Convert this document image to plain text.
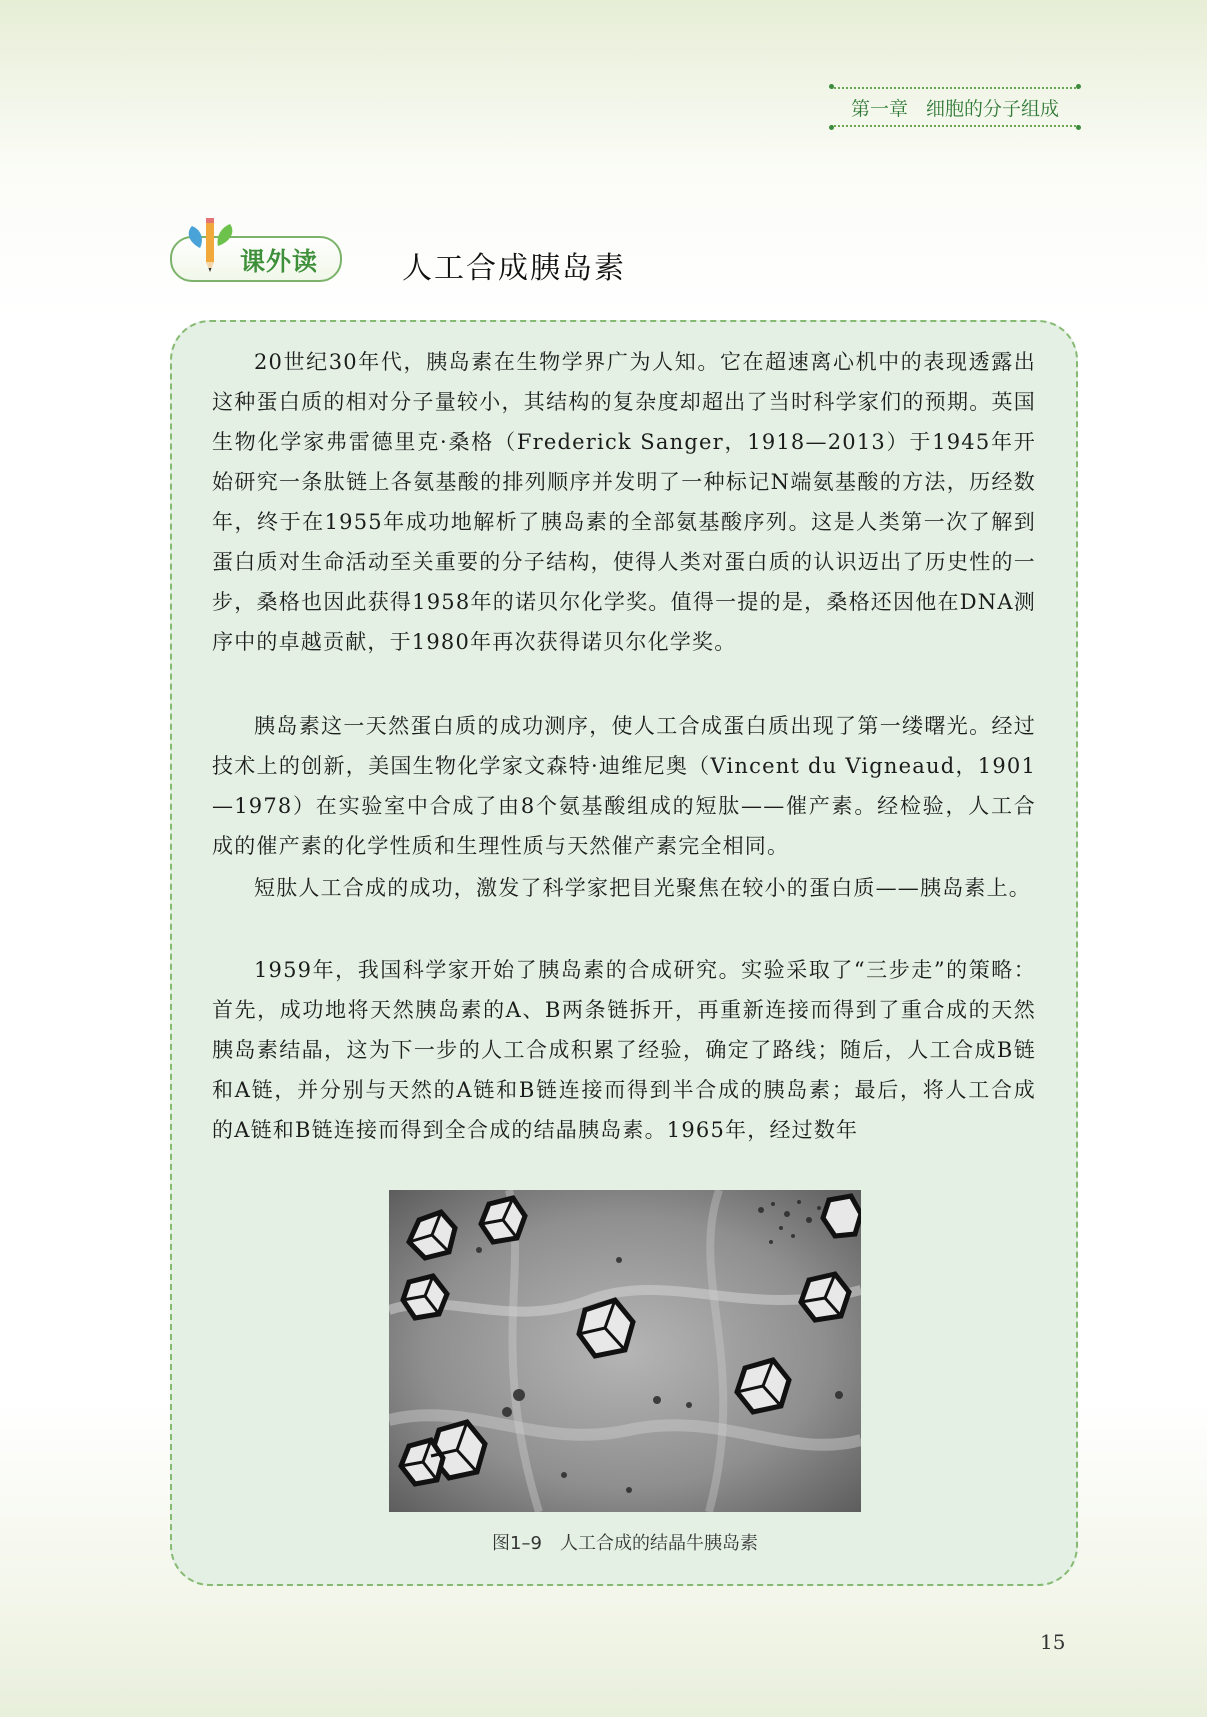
第一章 细胞的分子组成
课外读	人工合成胰岛素

20世纪30年代，胰岛素在生物学界广为人知。它在超速离心机中的表现透露出这种蛋白质的相对分子量较小，其结构的复杂度却超出了当时科学家们的预期。英国生物化学家弗雷德里克·桑格（Frederick Sanger，1918—2013）于1945年开始研究一条肽链上各氨基酸的排列顺序并发明了一种标记N端氨基酸的方法，历经数年，终于在1955年成功地解析了胰岛素的全部氨基酸序列。这是人类第一次了解到蛋白质对生命活动至关重要的分子结构，使得人类对蛋白质的认识迈出了历史性的一步，桑格也因此获得1958年的诺贝尔化学奖。值得一提的是，桑格还因他在DNA测序中的卓越贡献，于1980年再次获得诺贝尔化学奖。

胰岛素这一天然蛋白质的成功测序，使人工合成蛋白质出现了第一缕曙光。经过技术上的创新，美国生物化学家文森特·迪维尼奥（Vincent du Vigneaud，1901—1978）在实验室中合成了由8个氨基酸组成的短肽——催产素。经检验，人工合成的催产素的化学性质和生理性质与天然催产素完全相同。

短肽人工合成的成功，激发了科学家把目光聚焦在较小的蛋白质——胰岛素上。

1959年，我国科学家开始了胰岛素的合成研究。实验采取了“三步走”的策略：首先，成功地将天然胰岛素的A、B两条链拆开，再重新连接而得到了重合成的天然胰岛素结晶，这为下一步的人工合成积累了经验，确定了路线；随后，人工合成B链和A链，并分别与天然的A链和B链连接而得到半合成的胰岛素；最后，将人工合成的A链和B链连接而得到全合成的结晶胰岛素。1965年，经过数年

图1–9　人工合成的结晶牛胰岛素
15
